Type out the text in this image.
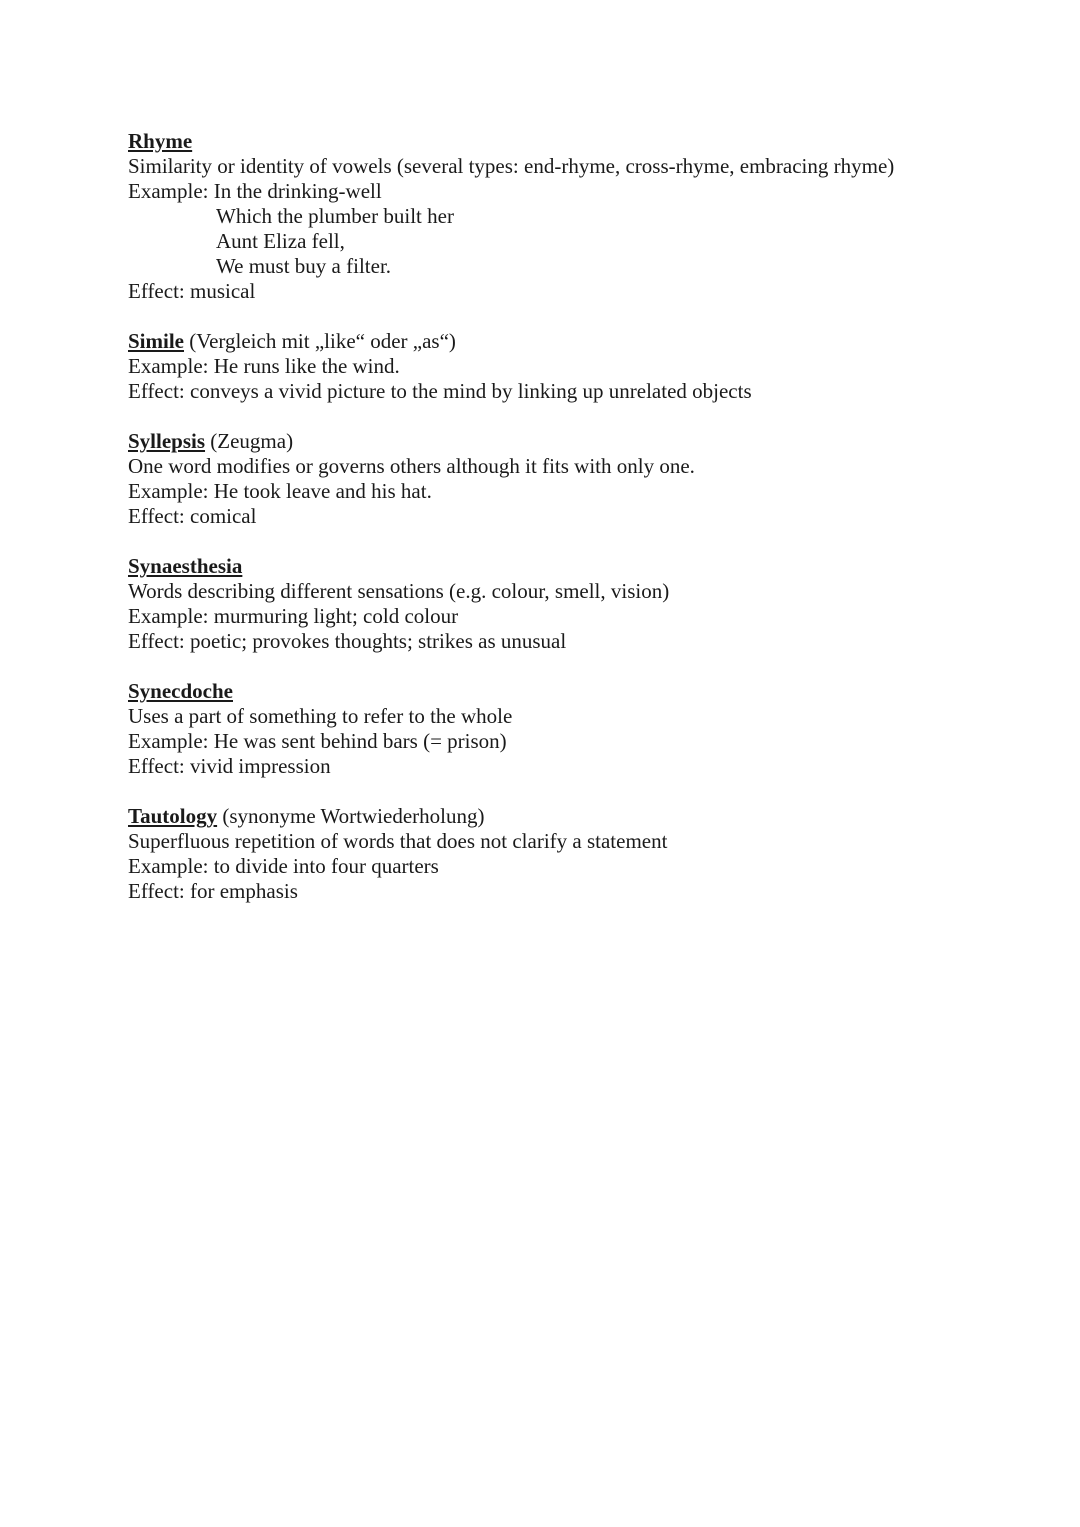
Rhyme
Similarity or identity of vowels (several types: end-rhyme, cross-rhyme, embracing rhyme)
Example: In the drinking-well
Which the plumber built her
Aunt Eliza fell,
We must buy a filter.
Effect: musical
Simile (Vergleich mit „like“ oder „as“)
Example: He runs like the wind.
Effect: conveys a vivid picture to the mind by linking up unrelated objects
Syllepsis (Zeugma)
One word modifies or governs others although it fits with only one.
Example: He took leave and his hat.
Effect: comical
Synaesthesia
Words describing different sensations (e.g. colour, smell, vision)
Example: murmuring light; cold colour
Effect: poetic; provokes thoughts; strikes as unusual
Synecdoche
Uses a part of something to refer to the whole
Example: He was sent behind bars (= prison)
Effect: vivid impression
Tautology (synonyme Wortwiederholung)
Superfluous repetition of words that does not clarify a statement
Example: to divide into four quarters
Effect: for emphasis
